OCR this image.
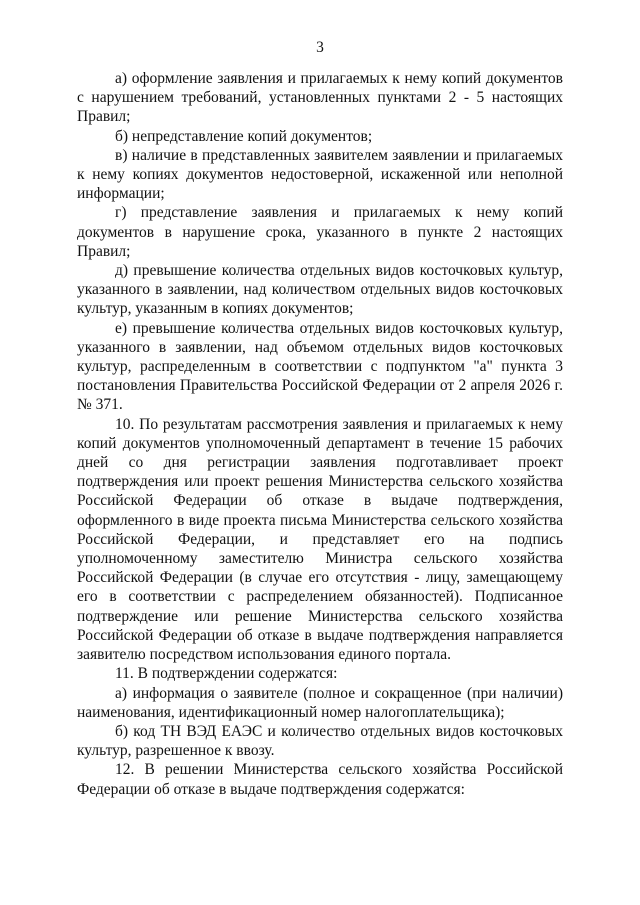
3

а) оформление заявления и прилагаемых к нему копий документов с нарушением требований, установленных пунктами 2 - 5 настоящих Правил;

б) непредставление копий документов;

в) наличие в представленных заявителем заявлении и прилагаемых к нему копиях документов недостоверной, искаженной или неполной информации;

г) представление заявления и прилагаемых к нему копий документов в нарушение срока, указанного в пункте 2 настоящих Правил;

д) превышение количества отдельных видов косточковых культур, указанного в заявлении, над количеством отдельных видов косточковых культур, указанным в копиях документов;

е) превышение количества отдельных видов косточковых культур, указанного в заявлении, над объемом отдельных видов косточковых культур, распределенным в соответствии с подпунктом "а" пункта 3 постановления Правительства Российской Федерации от 2 апреля 2026 г. № 371.

10. По результатам рассмотрения заявления и прилагаемых к нему копий документов уполномоченный департамент в течение 15 рабочих дней со дня регистрации заявления подготавливает проект подтверждения или проект решения Министерства сельского хозяйства Российской Федерации об отказе в выдаче подтверждения, оформленного в виде проекта письма Министерства сельского хозяйства Российской Федерации, и представляет его на подпись уполномоченному заместителю Министра сельского хозяйства Российской Федерации (в случае его отсутствия - лицу, замещающему его в соответствии с распределением обязанностей). Подписанное подтверждение или решение Министерства сельского хозяйства Российской Федерации об отказе в выдаче подтверждения направляется заявителю посредством использования единого портала.

11. В подтверждении содержатся:

а) информация о заявителе (полное и сокращенное (при наличии) наименования, идентификационный номер налогоплательщика);

б) код ТН ВЭД ЕАЭС и количество отдельных видов косточковых культур, разрешенное к ввозу.

12. В решении Министерства сельского хозяйства Российской Федерации об отказе в выдаче подтверждения содержатся:
